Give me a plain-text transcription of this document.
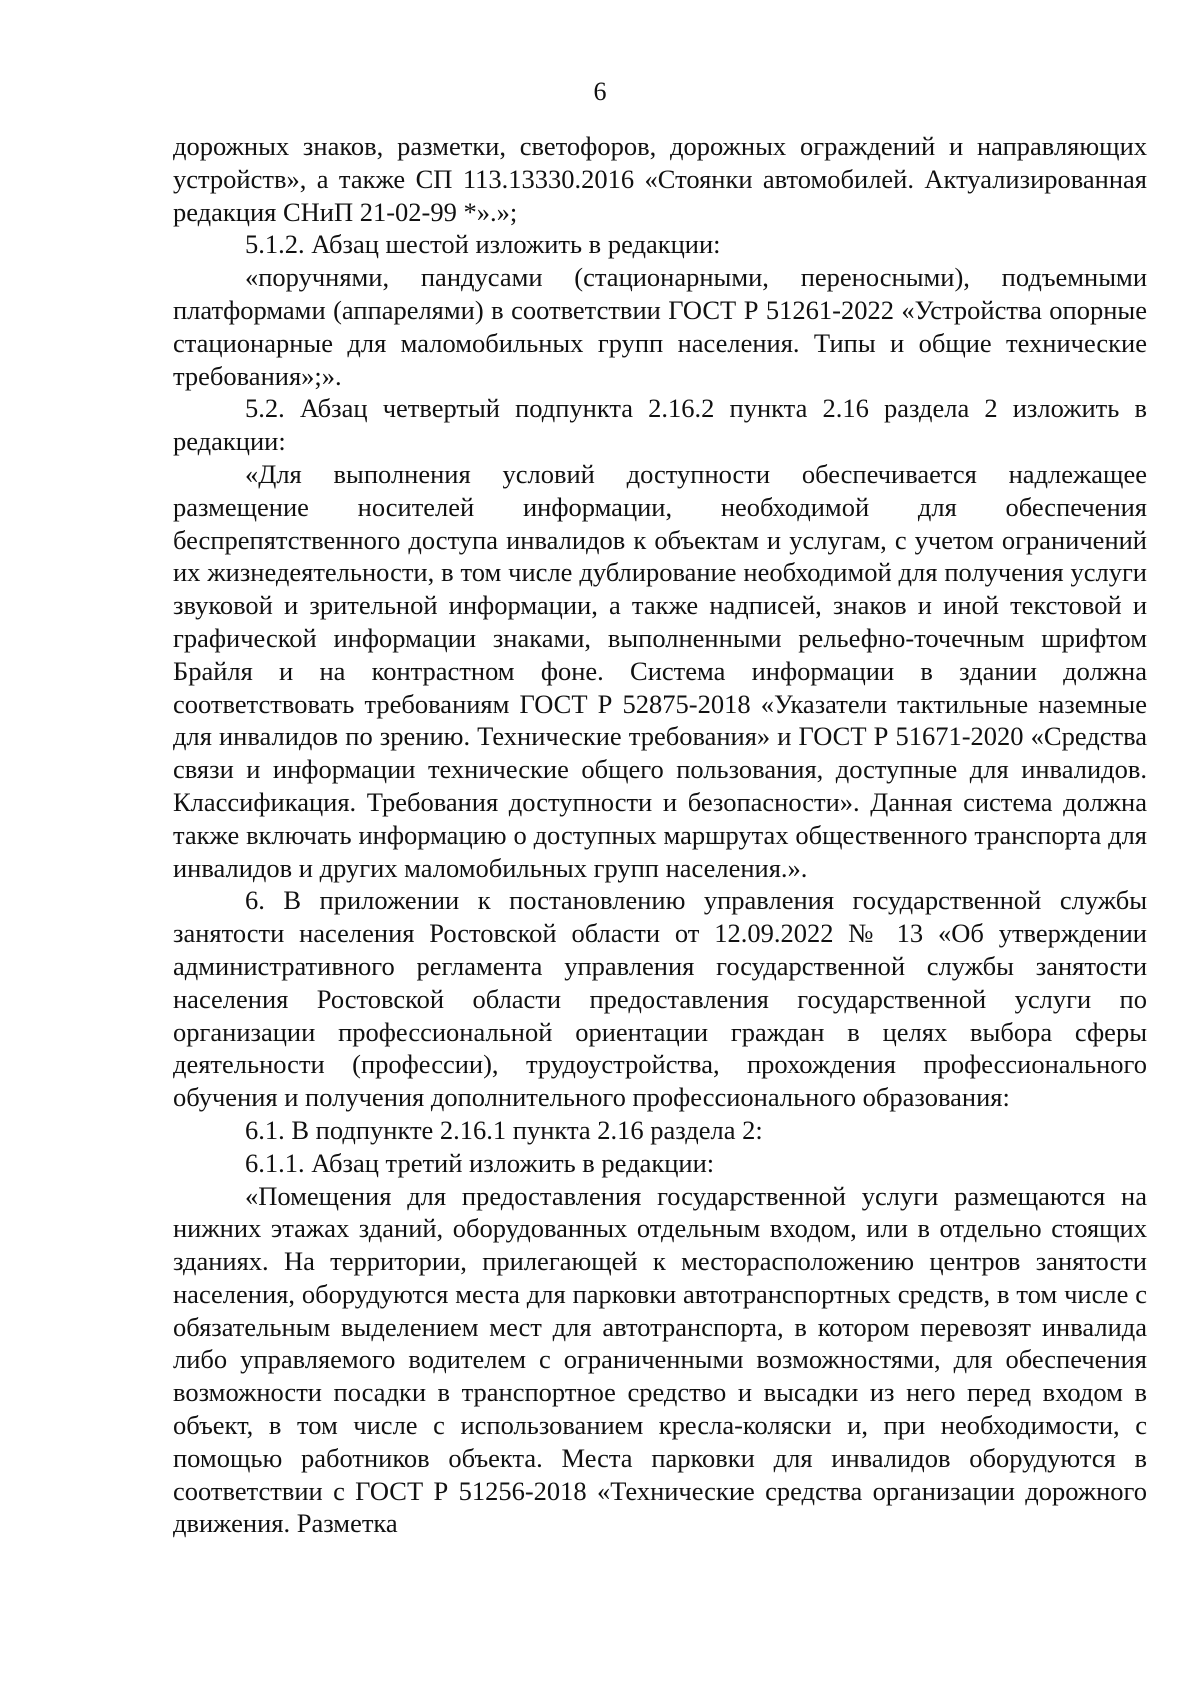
6

дорожных знаков, разметки, светофоров, дорожных ограждений и направляющих устройств», а также СП 113.13330.2016 «Стоянки автомобилей. Актуализированная редакция СНиП 21-02-99 *».»;

5.1.2. Абзац шестой изложить в редакции:

«поручнями, пандусами (стационарными, переносными), подъемными платформами (аппарелями) в соответствии ГОСТ Р 51261-2022 «Устройства опорные стационарные для маломобильных групп населения. Типы и общие технические требования»;».

5.2. Абзац четвертый подпункта 2.16.2 пункта 2.16 раздела 2 изложить в редакции:

«Для выполнения условий доступности обеспечивается надлежащее размещение носителей информации, необходимой для обеспечения беспрепятственного доступа инвалидов к объектам и услугам, с учетом ограничений их жизнедеятельности, в том числе дублирование необходимой для получения услуги звуковой и зрительной информации, а также надписей, знаков и иной текстовой и графической информации знаками, выполненными рельефно-точечным шрифтом Брайля и на контрастном фоне. Система информации в здании должна соответствовать требованиям ГОСТ Р 52875-2018 «Указатели тактильные наземные для инвалидов по зрению. Технические требования» и ГОСТ Р 51671-2020 «Средства связи и информации технические общего пользования, доступные для инвалидов. Классификация. Требования доступности и безопасности». Данная система должна также включать информацию о доступных маршрутах общественного транспорта для инвалидов и других маломобильных групп населения.».

6. В приложении к постановлению управления государственной службы занятости населения Ростовской области от 12.09.2022 № 13 «Об утверждении административного регламента управления государственной службы занятости населения Ростовской области предоставления государственной услуги по организации профессиональной ориентации граждан в целях выбора сферы деятельности (профессии), трудоустройства, прохождения профессионального обучения и получения дополнительного профессионального образования:

6.1. В подпункте 2.16.1 пункта 2.16 раздела 2:

6.1.1. Абзац третий изложить в редакции:

«Помещения для предоставления государственной услуги размещаются на нижних этажах зданий, оборудованных отдельным входом, или в отдельно стоящих зданиях. На территории, прилегающей к месторасположению центров занятости населения, оборудуются места для парковки автотранспортных средств, в том числе с обязательным выделением мест для автотранспорта, в котором перевозят инвалида либо управляемого водителем с ограниченными возможностями, для обеспечения возможности посадки в транспортное средство и высадки из него перед входом в объект, в том числе с использованием кресла-коляски и, при необходимости, с помощью работников объекта. Места парковки для инвалидов оборудуются в соответствии с ГОСТ Р 51256-2018 «Технические средства организации дорожного движения. Разметка
